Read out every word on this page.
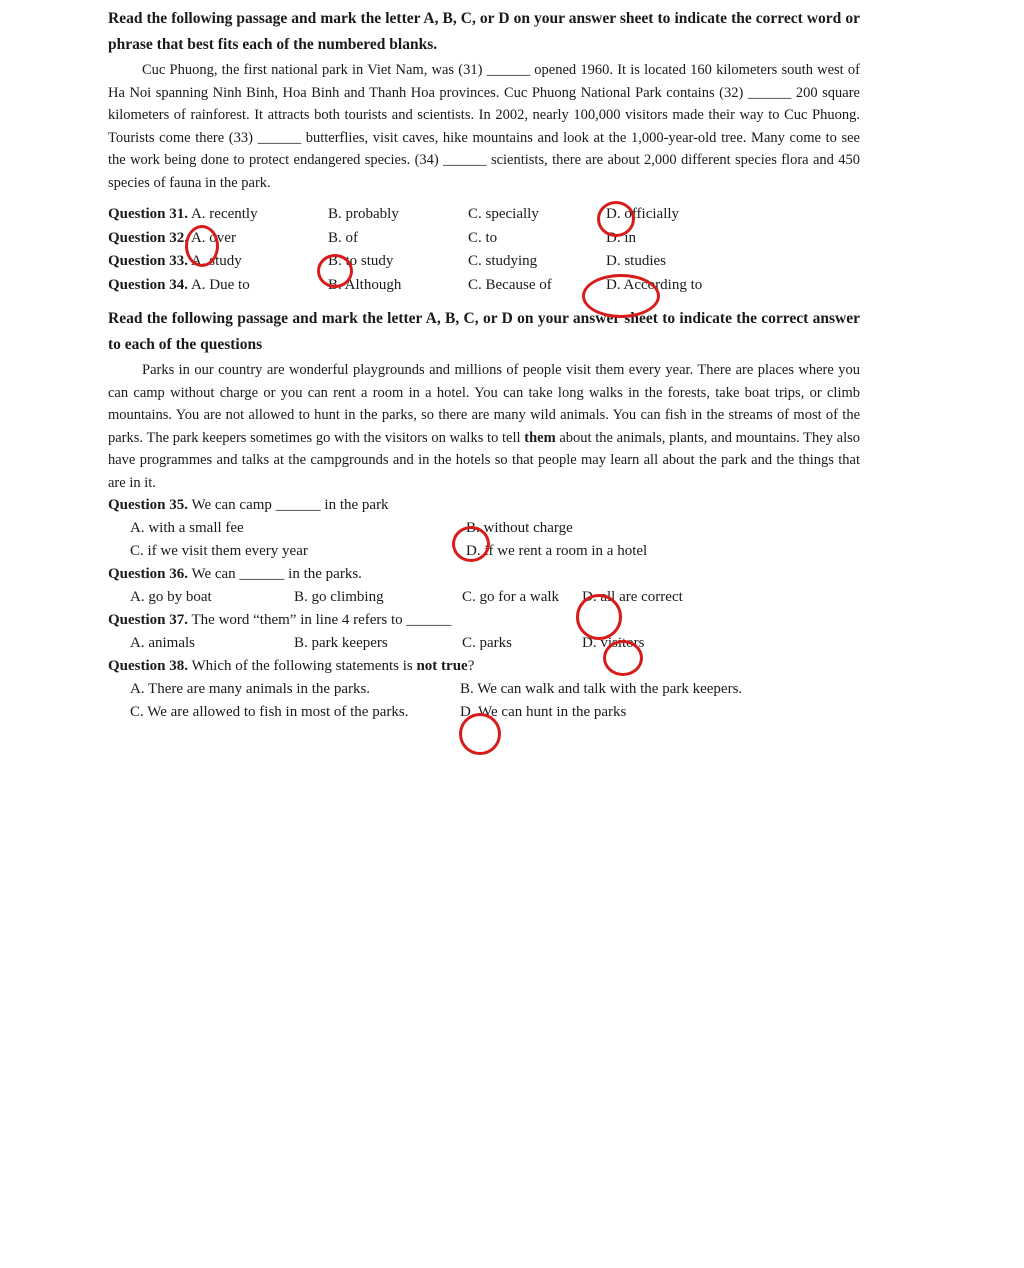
Read the following passage and mark the letter A, B, C, or D on your answer sheet to indicate the correct word or phrase that best fits each of the numbered blanks.

Cuc Phuong, the first national park in Viet Nam, was (31) ______ opened 1960. It is located 160 kilometers south west of Ha Noi spanning Ninh Binh, Hoa Binh and Thanh Hoa provinces. Cuc Phuong National Park contains (32) ______ 200 square kilometers of rainforest. It attracts both tourists and scientists. In 2002, nearly 100,000 visitors made their way to Cuc Phuong. Tourists come there (33) ______ butterflies, visit caves, hike mountains and look at the 1,000-year-old tree. Many come to see the work being done to protect endangered species. (34) ______ scientists, there are about 2,000 different species flora and 450 species of fauna in the park.

Question 31. A. recently	B. probably	C. specially	D. officially
Question 32. A. over	B. of	C. to	D. in
Question 33. A. study	B. to study	C. studying	D. studies
Question 34. A. Due to	B. Although	C. Because of	D. According to

Read the following passage and mark the letter A, B, C, or D on your answer sheet to indicate the correct answer to each of the questions

Parks in our country are wonderful playgrounds and millions of people visit them every year. There are places where you can camp without charge or you can rent a room in a hotel. You can take long walks in the forests, take boat trips, or climb mountains. You are not allowed to hunt in the parks, so there are many wild animals. You can fish in the streams of most of the parks. The park keepers sometimes go with the visitors on walks to tell them about the animals, plants, and mountains. They also have programmes and talks at the campgrounds and in the hotels so that people may learn all about the park and the things that are in it.

Question 35. We can camp ______ in the park

A. with a small fee	B. without charge
C. if we visit them every year	D. if we rent a room in a hotel

Question 36. We can ______ in the parks.

A. go by boat	B. go climbing	C. go for a walk D. all are correct

Question 37. The word “them” in line 4 refers to ______

A. animals	B. park keepers	C. parks	D. visitors

Question 38. Which of the following statements is not true?

A. There are many animals in the parks.	B. We can walk and talk with the park keepers.
C. We are allowed to fish in most of the parks.	D. We can hunt in the parks
